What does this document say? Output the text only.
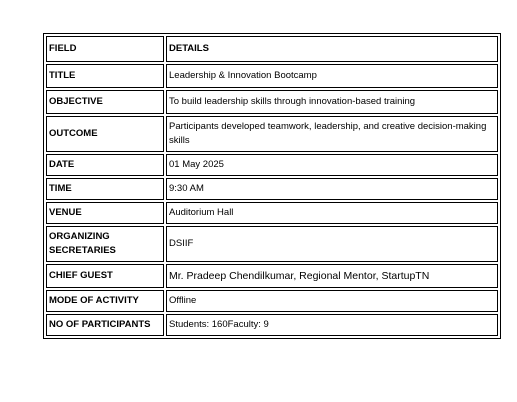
FIELD	DETAILS
TITLE	Leadership & Innovation Bootcamp
OBJECTIVE	To build leadership skills through innovation-based training
OUTCOME	Participants developed teamwork, leadership, and creative decision-making skills
DATE	01 May 2025
TIME	9:30 AM
VENUE	Auditorium Hall
ORGANIZING SECRETARIES	DSIIF
CHIEF GUEST	Mr. Pradeep Chendilkumar, Regional Mentor, StartupTN
MODE OF ACTIVITY	Offline
NO OF PARTICIPANTS	Students: 160Faculty: 9
